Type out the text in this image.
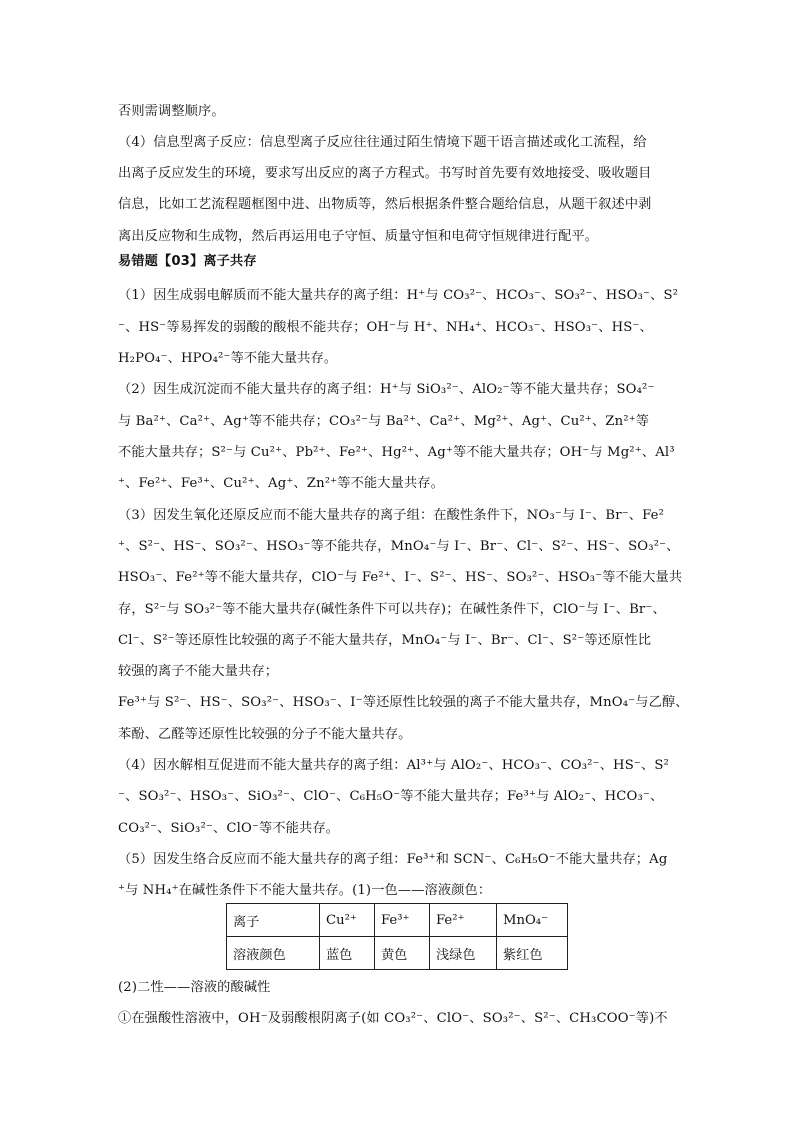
否则需调整顺序。
（4）信息型离子反应：信息型离子反应往往通过陌生情境下题干语言描述或化工流程，给
出离子反应发生的环境，要求写出反应的离子方程式。书写时首先要有效地接受、吸收题目
信息，比如工艺流程题框图中进、出物质等，然后根据条件整合题给信息，从题干叙述中剥
离出反应物和生成物，然后再运用电子守恒、质量守恒和电荷守恒规律进行配平。
易错题【03】离子共存
（1）因生成弱电解质而不能大量共存的离子组：H⁺与 CO₃²⁻、HCO₃⁻、SO₃²⁻、HSO₃⁻、S²
⁻、HS⁻等易挥发的弱酸的酸根不能共存；OH⁻与 H⁺、NH₄⁺、HCO₃⁻、HSO₃⁻、HS⁻、
H₂PO₄⁻、HPO₄²⁻等不能大量共存。
（2）因生成沉淀而不能大量共存的离子组：H⁺与 SiO₃²⁻、AlO₂⁻等不能大量共存；SO₄²⁻
与 Ba²⁺、Ca²⁺、Ag⁺等不能共存；CO₃²⁻与 Ba²⁺、Ca²⁺、Mg²⁺、Ag⁺、Cu²⁺、Zn²⁺等
不能大量共存；S²⁻与 Cu²⁺、Pb²⁺、Fe²⁺、Hg²⁺、Ag⁺等不能大量共存；OH⁻与 Mg²⁺、Al³
⁺、Fe²⁺、Fe³⁺、Cu²⁺、Ag⁺、Zn²⁺等不能大量共存。
（3）因发生氧化还原反应而不能大量共存的离子组：在酸性条件下，NO₃⁻与 I⁻、Br⁻、Fe²
⁺、S²⁻、HS⁻、SO₃²⁻、HSO₃⁻等不能共存，MnO₄⁻与 I⁻、Br⁻、Cl⁻、S²⁻、HS⁻、SO₃²⁻、
HSO₃⁻、Fe²⁺等不能大量共存，ClO⁻与 Fe²⁺、I⁻、S²⁻、HS⁻、SO₃²⁻、HSO₃⁻等不能大量共
存，S²⁻与 SO₃²⁻等不能大量共存(碱性条件下可以共存)；在碱性条件下，ClO⁻与 I⁻、Br⁻、
Cl⁻、S²⁻等还原性比较强的离子不能大量共存，MnO₄⁻与 I⁻、Br⁻、Cl⁻、S²⁻等还原性比
较强的离子不能大量共存；
Fe³⁺与 S²⁻、HS⁻、SO₃²⁻、HSO₃⁻、I⁻等还原性比较强的离子不能大量共存，MnO₄⁻与乙醇、
苯酚、乙醛等还原性比较强的分子不能大量共存。
（4）因水解相互促进而不能大量共存的离子组：Al³⁺与 AlO₂⁻、HCO₃⁻、CO₃²⁻、HS⁻、S²
⁻、SO₃²⁻、HSO₃⁻、SiO₃²⁻、ClO⁻、C₆H₅O⁻等不能大量共存；Fe³⁺与 AlO₂⁻、HCO₃⁻、
CO₃²⁻、SiO₃²⁻、ClO⁻等不能共存。
（5）因发生络合反应而不能大量共存的离子组：Fe³⁺和 SCN⁻、C₆H₅O⁻不能大量共存；Ag
⁺与 NH₄⁺在碱性条件下不能大量共存。(1)一色——溶液颜色：
离子	Cu²⁺	Fe³⁺	Fe²⁺	MnO₄⁻
溶液颜色	蓝色	黄色	浅绿色	紫红色
(2)二性——溶液的酸碱性
①在强酸性溶液中，OH⁻及弱酸根阴离子(如 CO₃²⁻、ClO⁻、SO₃²⁻、S²⁻、CH₃COO⁻等)不
